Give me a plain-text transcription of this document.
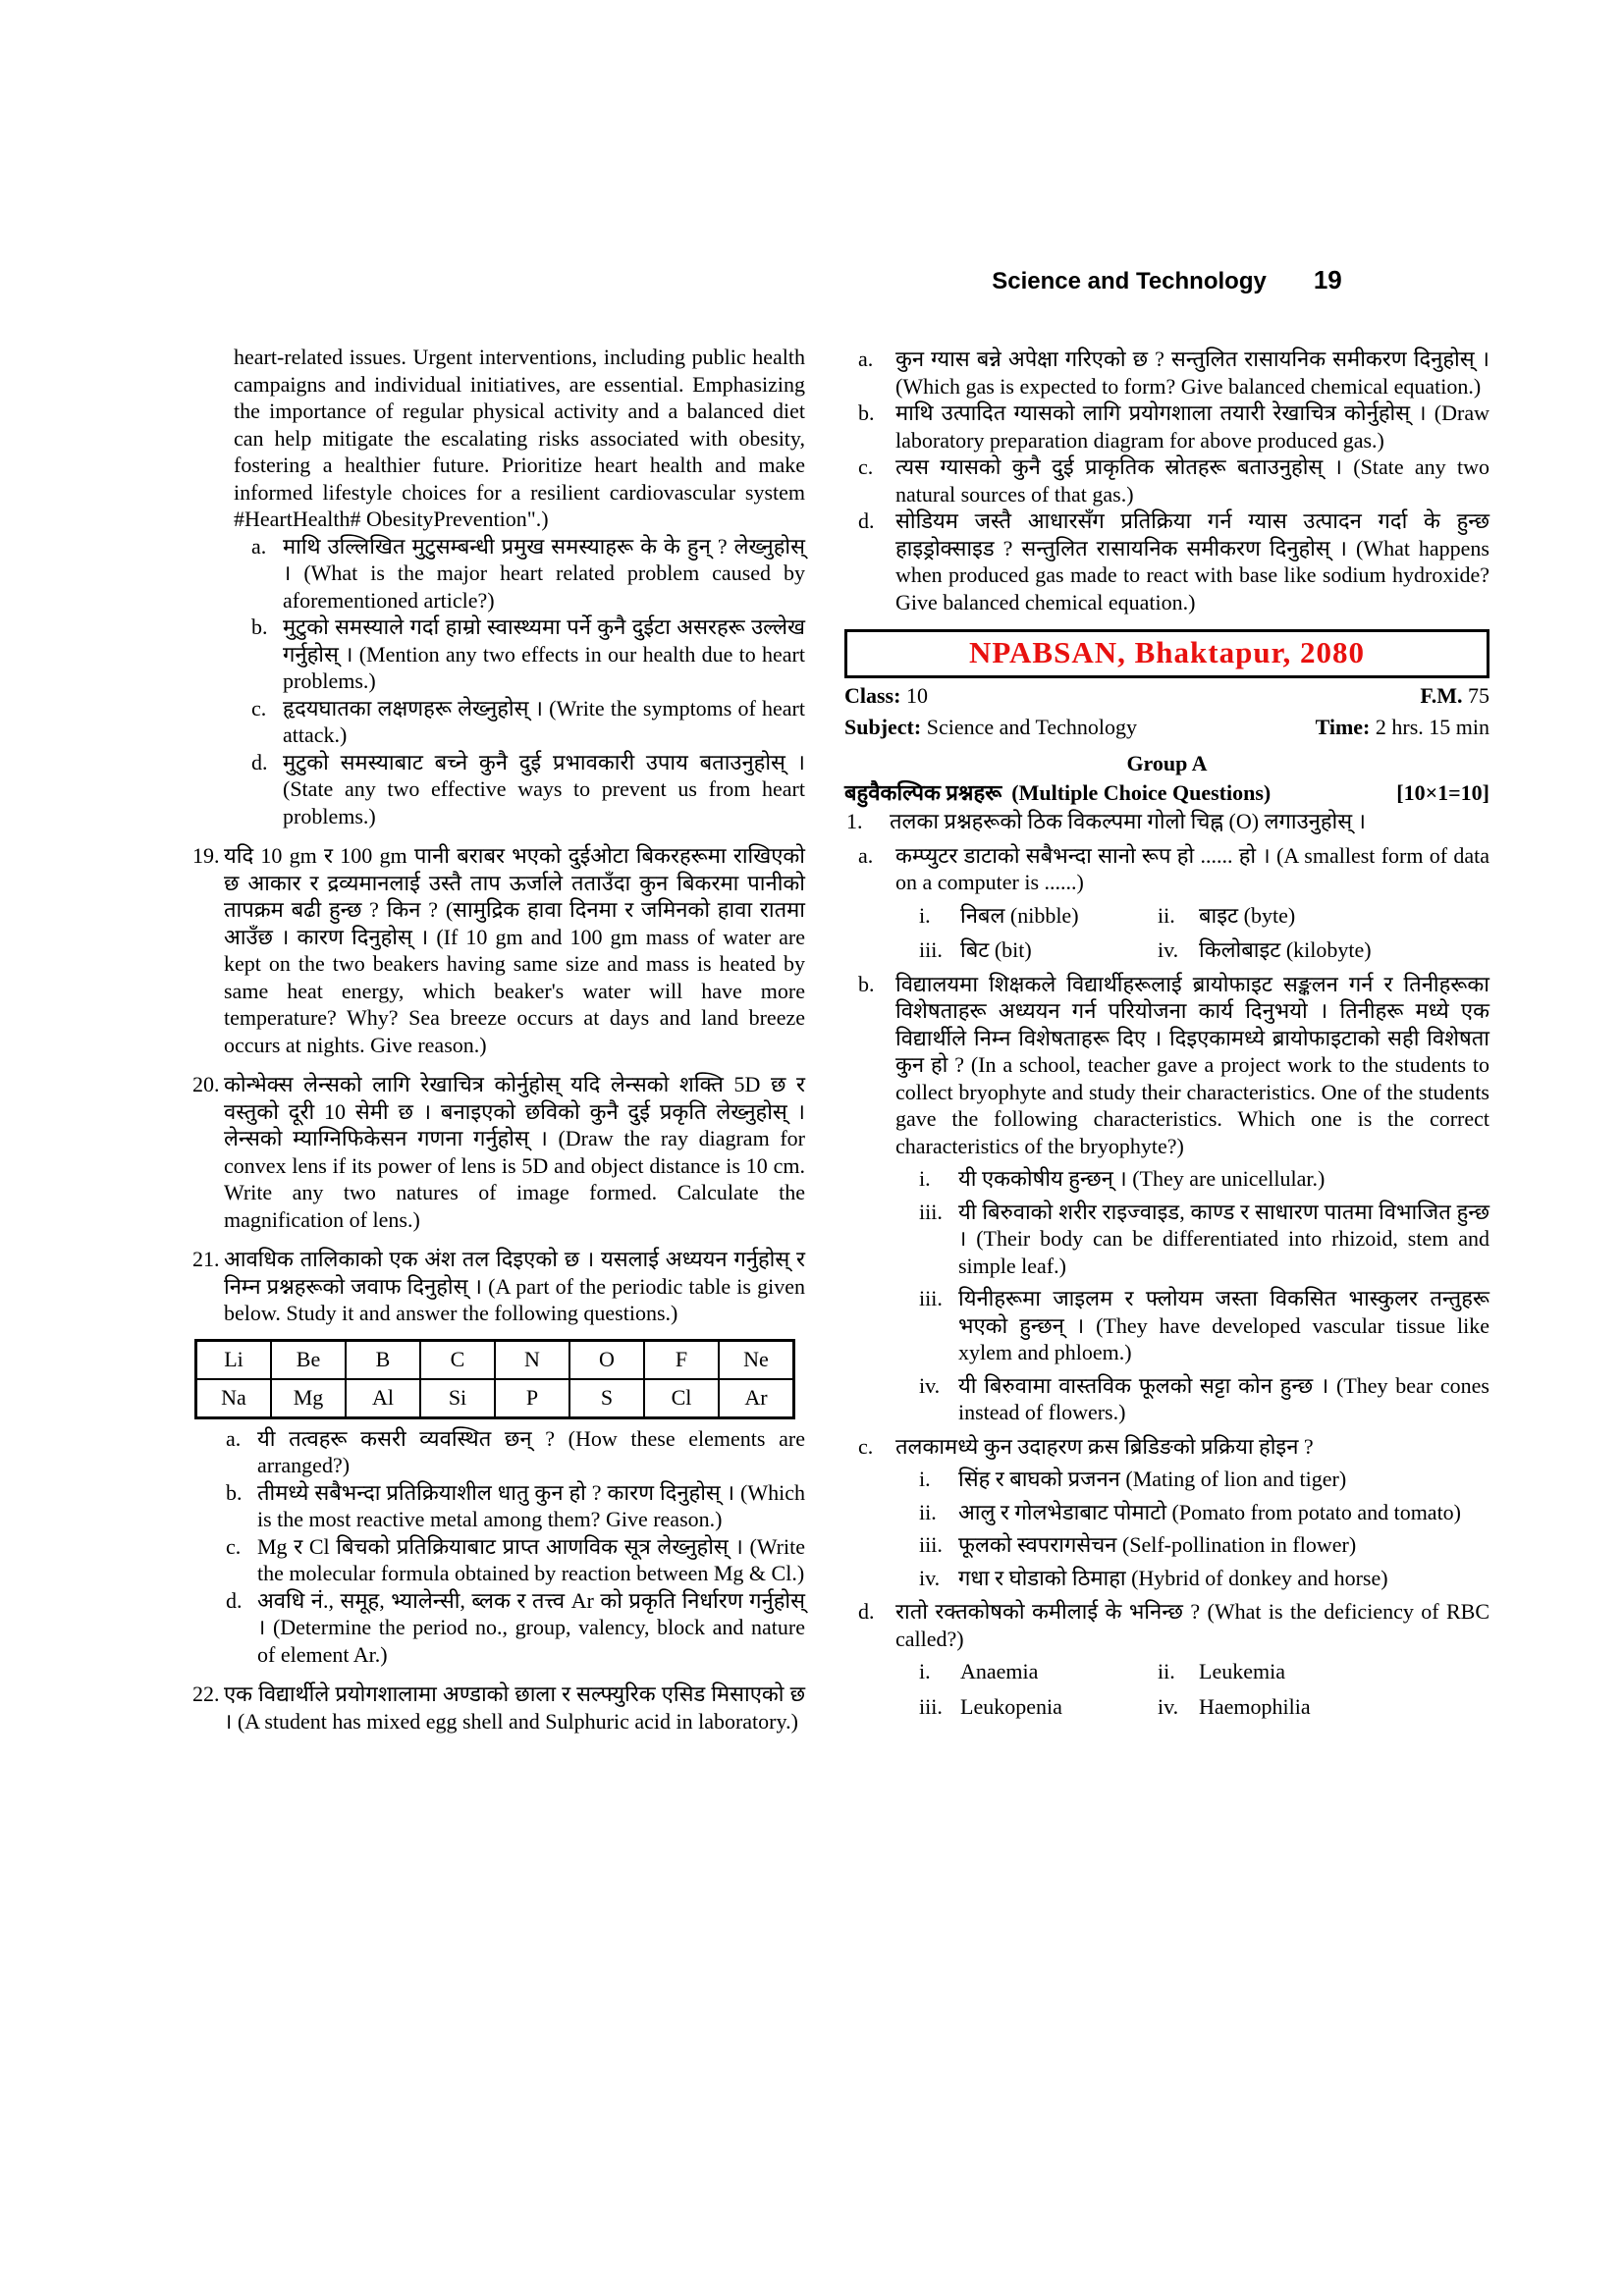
Science and Technology 19
heart-related issues. Urgent interventions, including public health campaigns and individual initiatives, are essential. Emphasizing the importance of regular physical activity and a balanced diet can help mitigate the escalating risks associated with obesity, fostering a healthier future. Prioritize heart health and make informed lifestyle choices for a resilient cardiovascular system #HeartHealth# ObesityPrevention".)
a. माथि उल्लिखित मुटुसम्बन्धी प्रमुख समस्याहरू के के हुन् ? लेख्नुहोस् । (What is the major heart related problem caused by aforementioned article?)
b. मुटुको समस्याले गर्दा हाम्रो स्वास्थ्यमा पर्ने कुनै दुईटा असरहरू उल्लेख गर्नुहोस् । (Mention any two effects in our health due to heart problems.)
c. हृदयघातका लक्षणहरू लेख्नुहोस् । (Write the symptoms of heart attack.)
d. मुटुको समस्याबाट बच्ने कुनै दुई प्रभावकारी उपाय बताउनुहोस् । (State any two effective ways to prevent us from heart problems.)
19. यदि 10 gm र 100 gm पानी बराबर भएको दुईओटा बिकरहरूमा राखिएको छ आकार र द्रव्यमानलाई उस्तै ताप ऊर्जाले तताउँदा कुन बिकरमा पानीको तापक्रम बढी हुन्छ ? किन ? (सामुद्रिक हावा दिनमा र जमिनको हावा रातमा आउँछ । कारण दिनुहोस् । (If 10 gm and 100 gm mass of water are kept on the two beakers having same size and mass is heated by same heat energy, which beaker's water will have more temperature? Why? Sea breeze occurs at days and land breeze occurs at nights. Give reason.)
20. कोन्भेक्स लेन्सको लागि रेखाचित्र कोर्नुहोस् यदि लेन्सको शक्ति 5D छ र वस्तुको दूरी 10 सेमी छ । बनाइएको छविको कुनै दुई प्रकृति लेख्नुहोस् । लेन्सको म्याग्निफिकेसन गणना गर्नुहोस् । (Draw the ray diagram for convex lens if its power of lens is 5D and object distance is 10 cm. Write any two natures of image formed. Calculate the magnification of lens.)
21. आवधिक तालिकाको एक अंश तल दिइएको छ । यसलाई अध्ययन गर्नुहोस् र निम्न प्रश्नहरूको जवाफ दिनुहोस् । (A part of the periodic table is given below. Study it and answer the following questions.)
Li	Be	B	C	N	O	F	Ne
Na	Mg	Al	Si	P	S	Cl	Ar
a. यी तत्वहरू कसरी व्यवस्थित छन् ? (How these elements are arranged?)
b. तीमध्ये सबैभन्दा प्रतिक्रियाशील धातु कुन हो ? कारण दिनुहोस् । (Which is the most reactive metal among them? Give reason.)
c. Mg र Cl बिचको प्रतिक्रियाबाट प्राप्त आणविक सूत्र लेख्नुहोस् । (Write the molecular formula obtained by reaction between Mg & Cl.)
d. अवधि नं., समूह, भ्यालेन्सी, ब्लक र तत्त्व Ar को प्रकृति निर्धारण गर्नुहोस् । (Determine the period no., group, valency, block and nature of element Ar.)
22. एक विद्यार्थीले प्रयोगशालामा अण्डाको छाला र सल्फ्युरिक एसिड मिसाएको छ । (A student has mixed egg shell and Sulphuric acid in laboratory.)
a. कुन ग्यास बन्ने अपेक्षा गरिएको छ ? सन्तुलित रासायनिक समीकरण दिनुहोस् । (Which gas is expected to form? Give balanced chemical equation.)
b. माथि उत्पादित ग्यासको लागि प्रयोगशाला तयारी रेखाचित्र कोर्नुहोस् । (Draw laboratory preparation diagram for above produced gas.)
c. त्यस ग्यासको कुनै दुई प्राकृतिक स्रोतहरू बताउनुहोस् । (State any two natural sources of that gas.)
d. सोडियम जस्तै आधारसँग प्रतिक्रिया गर्न ग्यास उत्पादन गर्दा के हुन्छ हाइड्रोक्साइड ? सन्तुलित रासायनिक समीकरण दिनुहोस् । (What happens when produced gas made to react with base like sodium hydroxide? Give balanced chemical equation.)
NPABSAN, Bhaktapur, 2080
Class: 10	F.M. 75
Subject: Science and Technology	Time: 2 hrs. 15 min
Group A
बहुवैकल्पिक प्रश्नहरू (Multiple Choice Questions)	[10×1=10]
1. तलका प्रश्नहरूको ठिक विकल्पमा गोलो चिह्न (O) लगाउनुहोस् ।
a. कम्प्युटर डाटाको सबैभन्दा सानो रूप हो ...... हो । (A smallest form of data on a computer is ......)
i. निबल (nibble)	ii. बाइट (byte)
iii. बिट (bit)	iv. किलोबाइट (kilobyte)
b. विद्यालयमा शिक्षकले विद्यार्थीहरूलाई ब्रायोफाइट सङ्कलन गर्न र तिनीहरूका विशेषताहरू अध्ययन गर्न परियोजना कार्य दिनुभयो । तिनीहरू मध्ये एक विद्यार्थीले निम्न विशेषताहरू दिए । दिइएकामध्ये ब्रायोफाइटाको सही विशेषता कुन हो ? (In a school, teacher gave a project work to the students to collect bryophyte and study their characteristics. One of the students gave the following characteristics. Which one is the correct characteristics of the bryophyte?)
i. यी एककोषीय हुन्छन् । (They are unicellular.)
iii. यी बिरुवाको शरीर राइज्वाइड, काण्ड र साधारण पातमा विभाजित हुन्छ । (Their body can be differentiated into rhizoid, stem and simple leaf.)
iii. यिनीहरूमा जाइलम र फ्लोयम जस्ता विकसित भास्कुलर तन्तुहरू भएको हुन्छन् । (They have developed vascular tissue like xylem and phloem.)
iv. यी बिरुवामा वास्तविक फूलको सट्टा कोन हुन्छ । (They bear cones instead of flowers.)
c. तलकामध्ये कुन उदाहरण क्रस ब्रिडिङको प्रक्रिया होइन ?
i. सिंह र बाघको प्रजनन (Mating of lion and tiger)
ii. आलु र गोलभेडाबाट पोमाटो (Pomato from potato and tomato)
iii. फूलको स्वपरागसेचन (Self-pollination in flower)
iv. गधा र घोडाको ठिमाहा (Hybrid of donkey and horse)
d. रातो रक्तकोषको कमीलाई के भनिन्छ ? (What is the deficiency of RBC called?)
i. Anaemia	ii. Leukemia
iii. Leukopenia	iv. Haemophilia
